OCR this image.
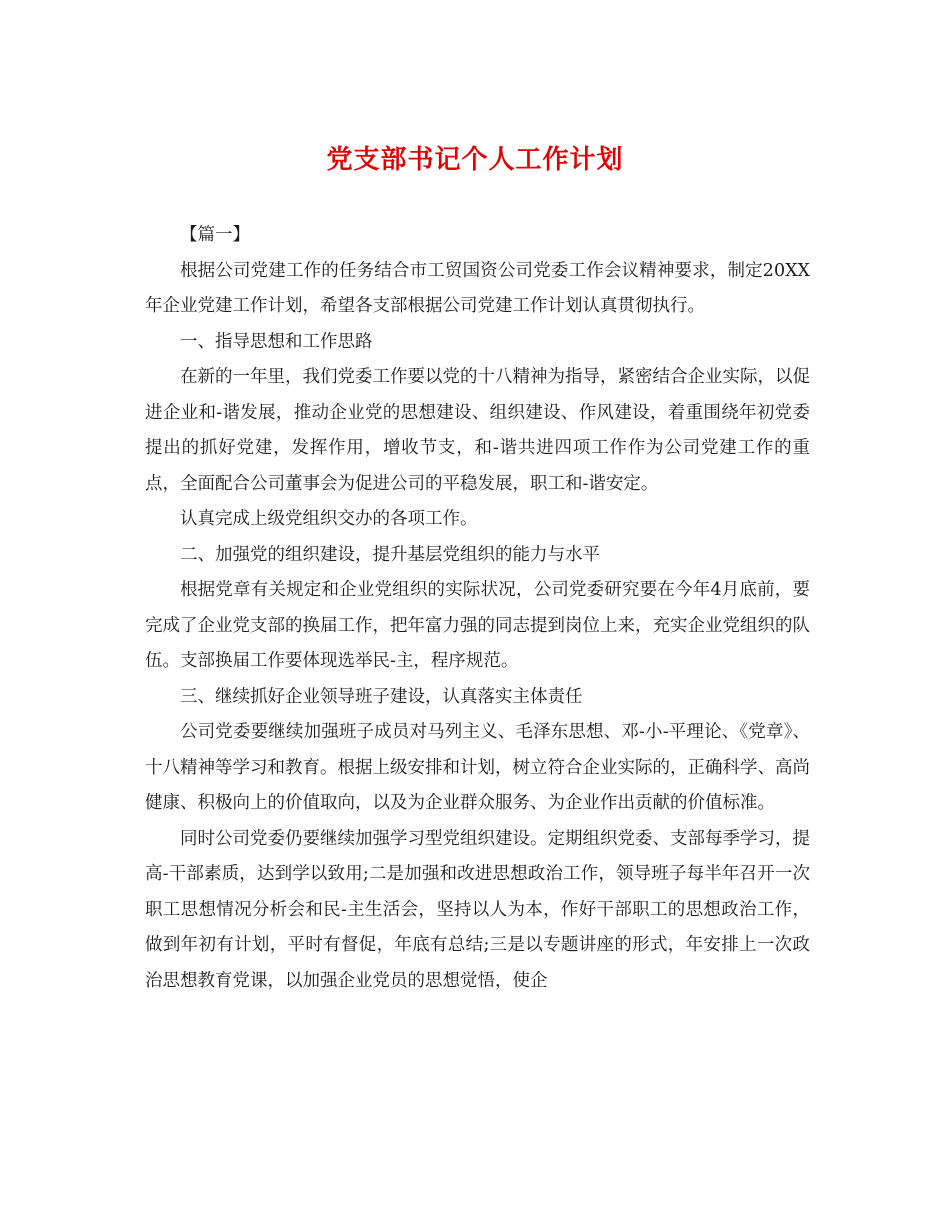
党支部书记个人工作计划

【篇一】

根据公司党建工作的任务结合市工贸国资公司党委工作会议精神要求，制定20XX年企业党建工作计划，希望各支部根据公司党建工作计划认真贯彻执行。

一、指导思想和工作思路

在新的一年里，我们党委工作要以党的十八精神为指导，紧密结合企业实际，以促进企业和-谐发展，推动企业党的思想建设、组织建设、作风建设，着重围绕年初党委提出的抓好党建，发挥作用，增收节支，和-谐共进四项工作作为公司党建工作的重点，全面配合公司董事会为促进公司的平稳发展，职工和-谐安定。

认真完成上级党组织交办的各项工作。

二、加强党的组织建设，提升基层党组织的能力与水平

根据党章有关规定和企业党组织的实际状况，公司党委研究要在今年4月底前，要完成了企业党支部的换届工作，把年富力强的同志提到岗位上来，充实企业党组织的队伍。支部换届工作要体现选举民-主，程序规范。

三、继续抓好企业领导班子建设，认真落实主体责任

公司党委要继续加强班子成员对马列主义、毛泽东思想、邓-小-平理论、《党章》、十八精神等学习和教育。根据上级安排和计划，树立符合企业实际的，正确科学、高尚健康、积极向上的价值取向，以及为企业群众服务、为企业作出贡献的价值标准。

同时公司党委仍要继续加强学习型党组织建设。定期组织党委、支部每季学习，提高-干部素质，达到学以致用;二是加强和改进思想政治工作，领导班子每半年召开一次职工思想情况分析会和民-主生活会，坚持以人为本，作好干部职工的思想政治工作，做到年初有计划，平时有督促，年底有总结;三是以专题讲座的形式，年安排上一次政治思想教育党课，以加强企业党员的思想觉悟，使企
